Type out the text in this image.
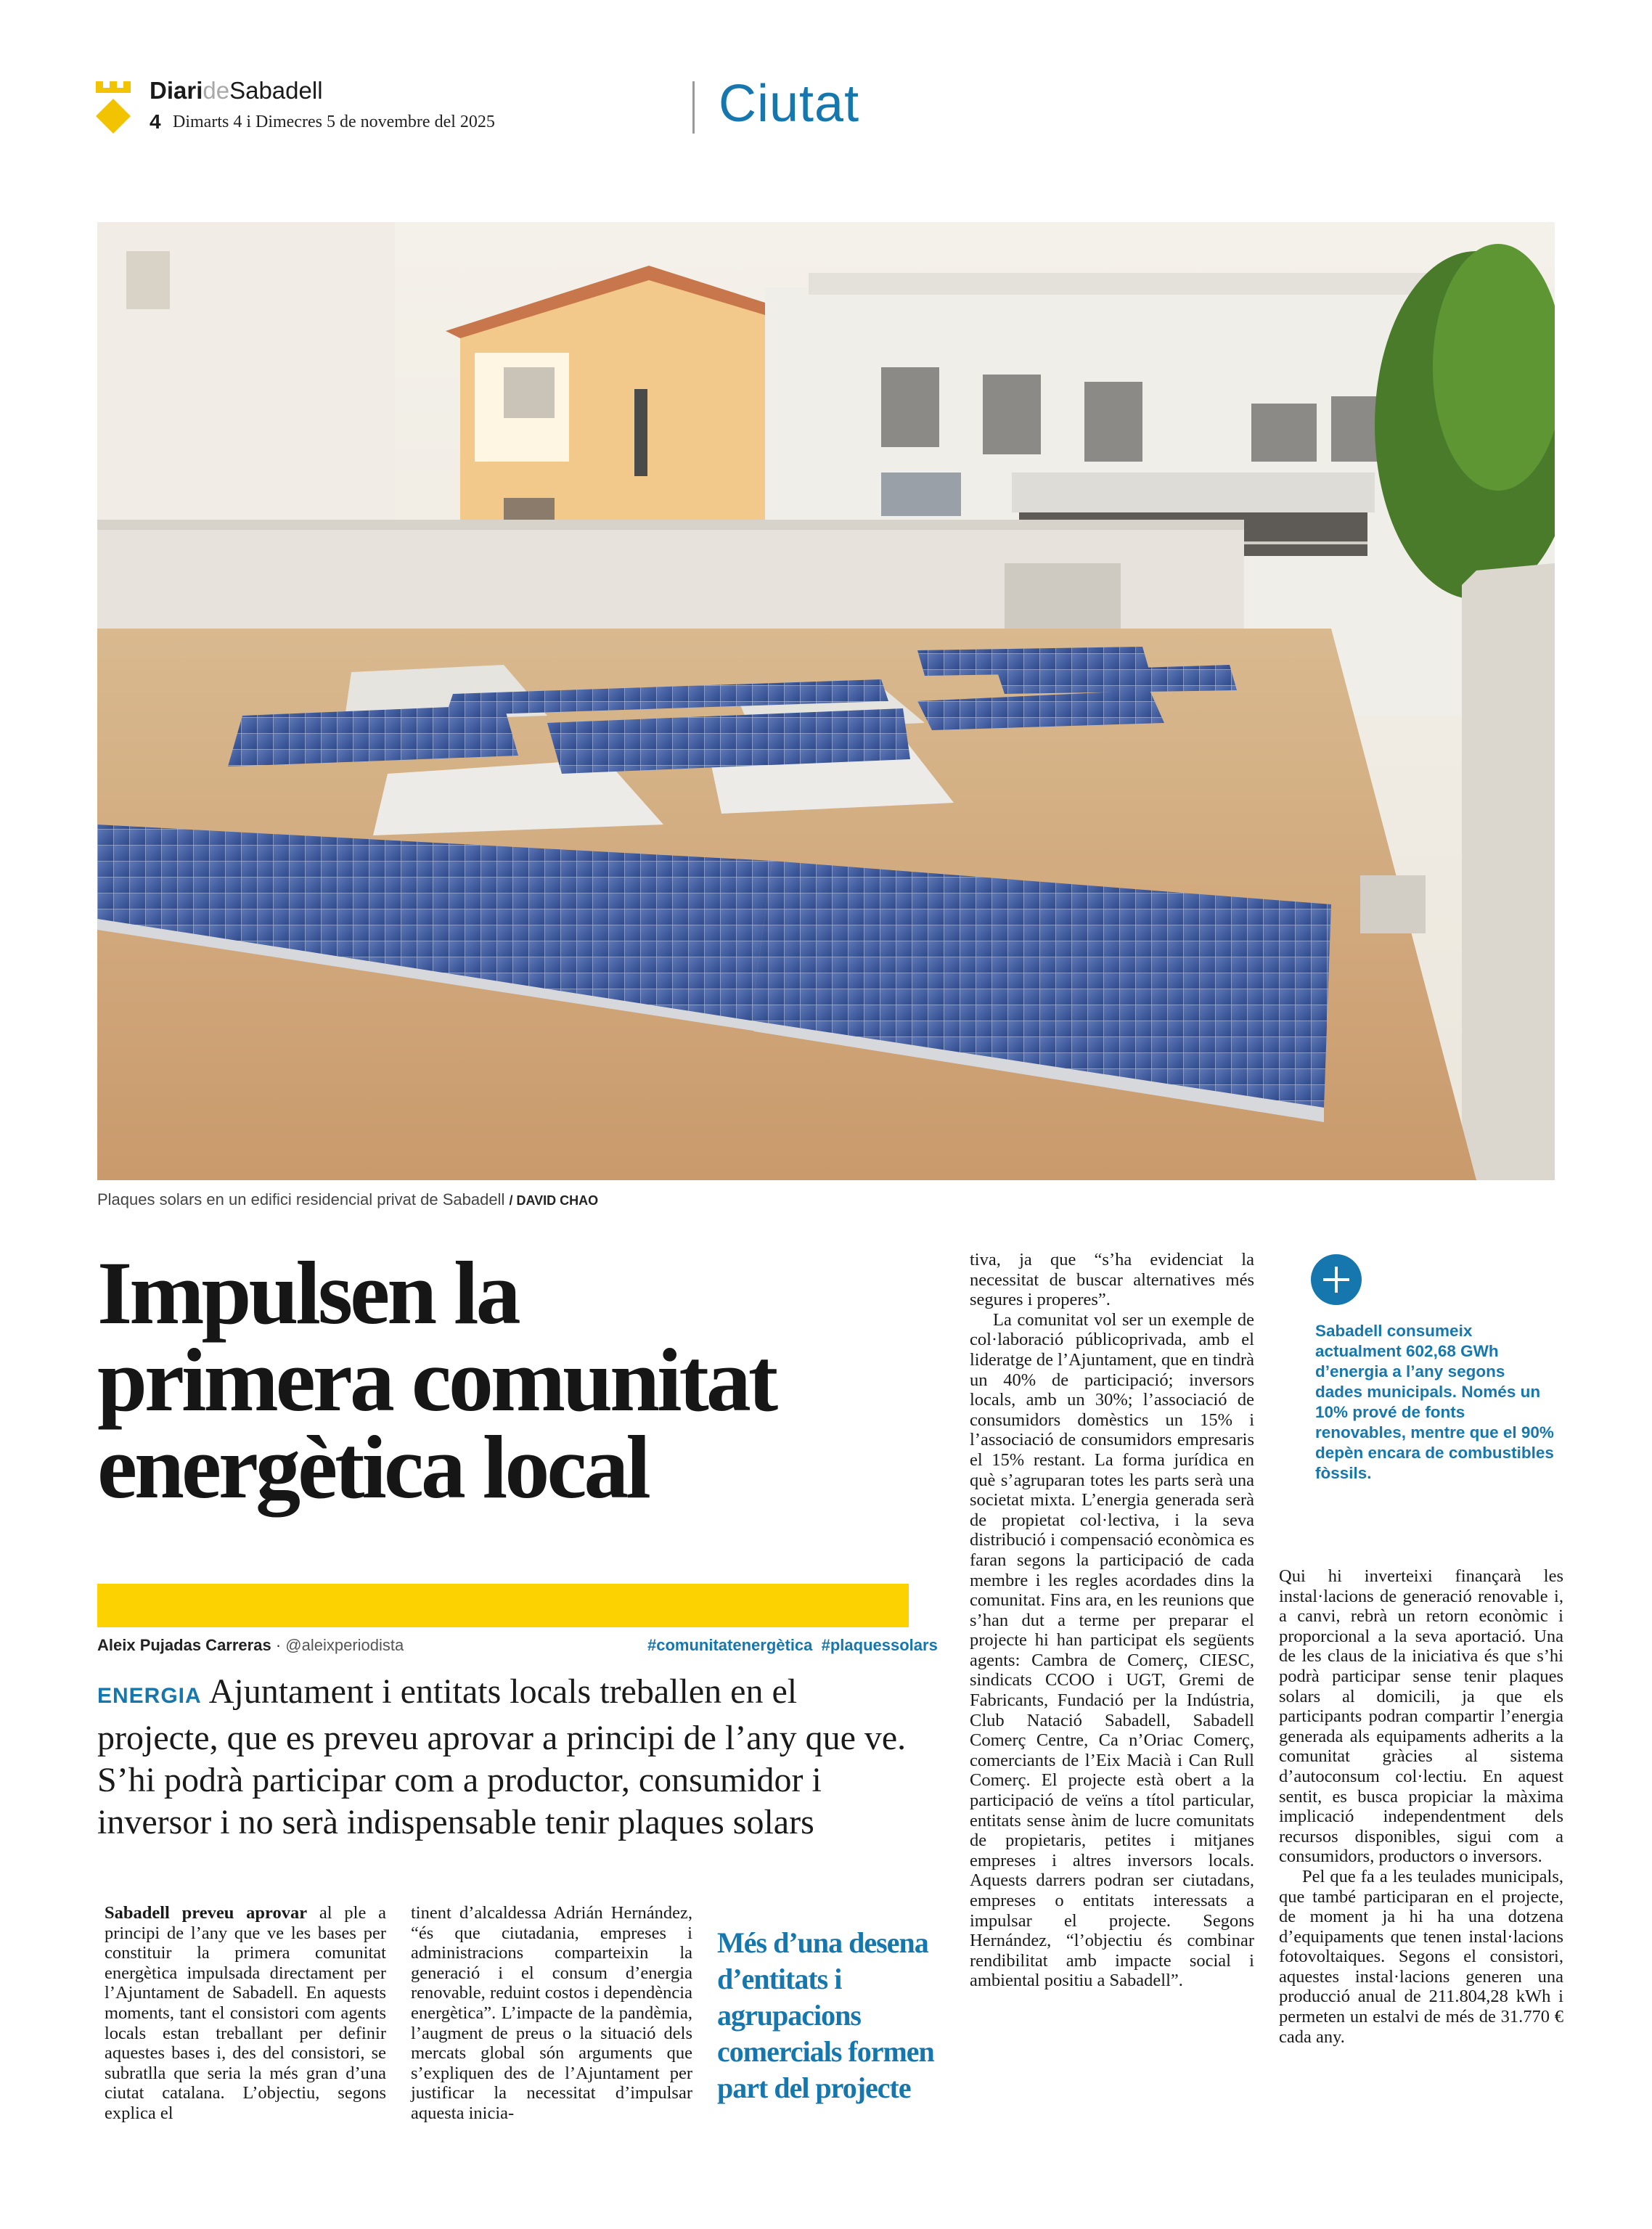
DiarideSabadell
4 Dimarts 4 i Dimecres 5 de novembre del 2025	Ciutat
Plaques solars en un edifici residencial privat de Sabadell / DAVID CHAO
Impulsen la
primera comunitat
energètica local
Aleix Pujadas Carreras · @aleixperiodista	#comunitatenergètica  #plaquessolars
ENERGIA Ajuntament i entitats locals treballen en el projecte, que es preveu aprovar a principi de l’any que ve. S’hi podrà participar com a productor, consumidor i inversor i no serà indispensable tenir plaques solars

Sabadell preveu aprovar al ple a principi de l’any que ve les bases per constituir la primera comunitat energètica impulsada directament per l’Ajuntament de Sabadell. En aquests moments, tant el consistori com agents locals estan treballant per definir aquestes bases i, des del consistori, se subratlla que seria la més gran d’una ciutat catalana. L’objectiu, segons explica el

tinent d’alcaldessa Adrián Hernández, “és que ciutadania, empreses i administracions comparteixin la generació i el consum d’energia renovable, reduint costos i dependència energètica”. L’impacte de la pandèmia, l’augment de preus o la situació dels mercats global són arguments que s’expliquen des de l’Ajuntament per justificar la necessitat d’impulsar aquesta inicia-

Més d’una desena d’entitats i agrupacions comercials formen part del projecte

tiva, ja que “s’ha evidenciat la necessitat de buscar alternatives més segures i properes”.

La comunitat vol ser un exemple de col·laboració públicoprivada, amb el lideratge de l’Ajuntament, que en tindrà un 40% de participació; inversors locals, amb un 30%; l’associació de consumidors domèstics un 15% i l’associació de consumidors empresaris el 15% restant. La forma jurídica en què s’agruparan totes les parts serà una societat mixta. L’energia generada serà de propietat col·lectiva, i la seva distribució i compensació econòmica es faran segons la participació de cada membre i les regles acordades dins la comunitat. Fins ara, en les reunions que s’han dut a terme per preparar el projecte hi han participat els següents agents: Cambra de Comerç, CIESC, sindicats CCOO i UGT, Gremi de Fabricants, Fundació per la Indústria, Club Natació Sabadell, Sabadell Comerç Centre, Ca n’Oriac Comerç, comerciants de l’Eix Macià i Can Rull Comerç. El projecte està obert a la participació de veïns a títol particular, entitats sense ànim de lucre comunitats de propietaris, petites i mitjanes empreses i altres inversors locals. Aquests darrers podran ser ciutadans, empreses o entitats interessats a impulsar el projecte. Segons Hernández, “l’objectiu és combinar rendibilitat amb impacte social i ambiental positiu a Sabadell”.

Sabadell consumeix actualment 602,68 GWh d’energia a l’any segons dades municipals. Només un 10% prové de fonts renovables, mentre que el 90% depèn encara de combustibles fòssils.

Qui hi inverteixi finançarà les instal·lacions de generació renovable i, a canvi, rebrà un retorn econòmic i proporcional a la seva aportació. Una de les claus de la iniciativa és que s’hi podrà participar sense tenir plaques solars al domicili, ja que els participants podran compartir l’energia generada als equipaments adherits a la comunitat gràcies al sistema d’autoconsum col·lectiu. En aquest sentit, es busca propiciar la màxima implicació independentment dels recursos disponibles, sigui com a consumidors, productors o inversors.

Pel que fa a les teulades municipals, que també participaran en el projecte, de moment ja hi ha una dotzena d’equipaments que tenen instal·lacions fotovoltaiques. Segons el consistori, aquestes instal·lacions generen una producció anual de 211.804,28 kWh i permeten un estalvi de més de 31.770 € cada any.
